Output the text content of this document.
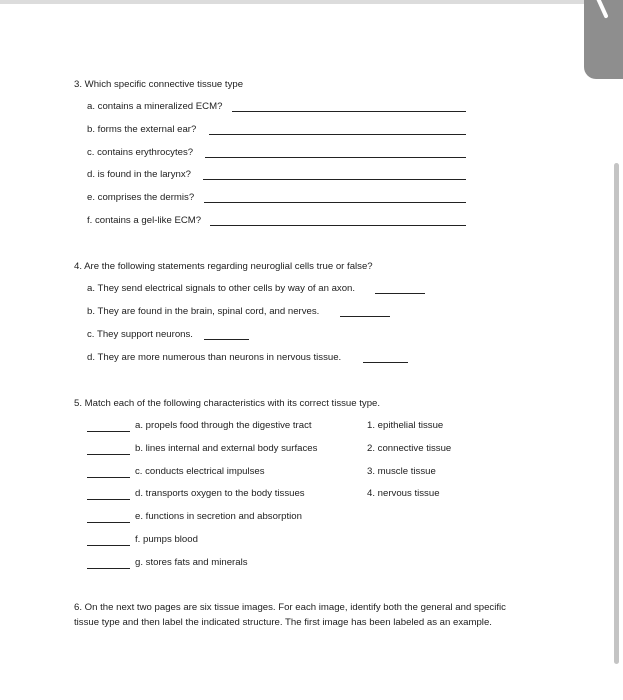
3. Which specific connective tissue type
a. contains a mineralized ECM?
b. forms the external ear?
c. contains erythrocytes?
d. is found in the larynx?
e. comprises the dermis?
f. contains a gel-like ECM?
4. Are the following statements regarding neuroglial cells true or false?
a. They send electrical signals to other cells by way of an axon.
b. They are found in the brain, spinal cord, and nerves.
c. They support neurons.
d. They are more numerous than neurons in nervous tissue.
5. Match each of the following characteristics with its correct tissue type.
a. propels food through the digestive tract	1. epithelial tissue
b. lines internal and external body surfaces	2. connective tissue
c. conducts electrical impulses	3. muscle tissue
d. transports oxygen to the body tissues	4. nervous tissue
e. functions in secretion and absorption
f. pumps blood
g. stores fats and minerals
6. On the next two pages are six tissue images. For each image, identify both the general and specific
tissue type and then label the indicated structure. The first image has been labeled as an example.
